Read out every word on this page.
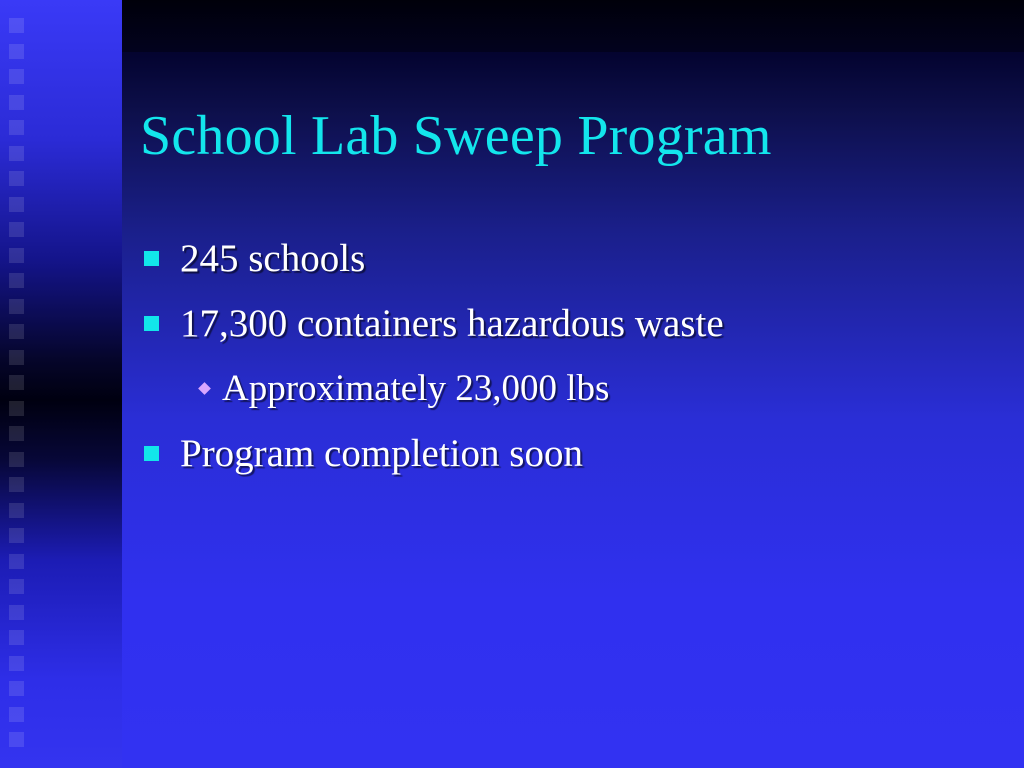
School Lab Sweep Program
245 schools
17,300 containers hazardous waste
Approximately 23,000 lbs
Program completion soon
